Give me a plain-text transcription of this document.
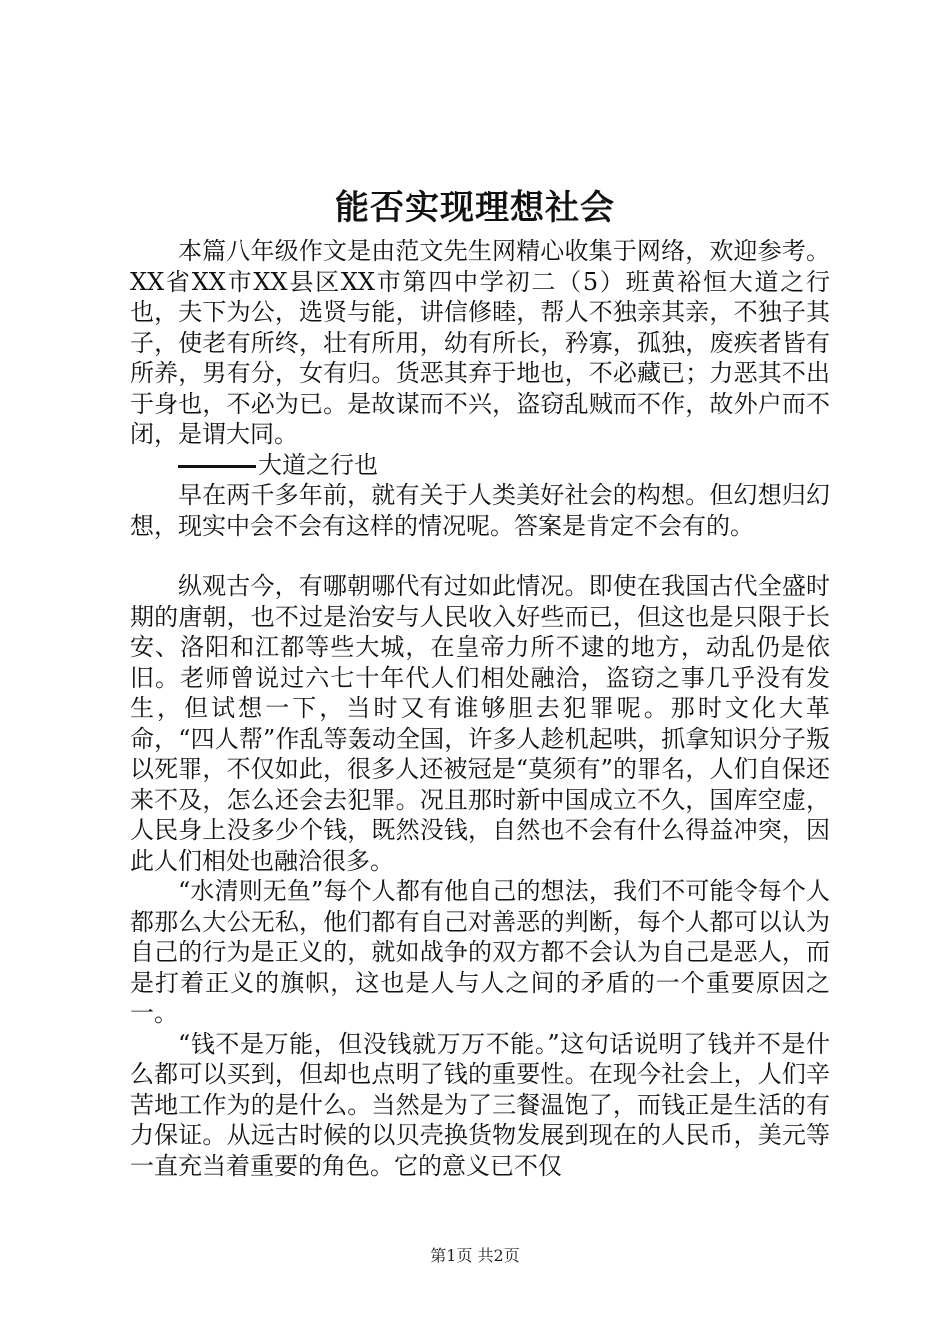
能否实现理想社会

本篇八年级作文是由范文先生网精心收集于网络，欢迎参考。XX省XX市XX县区XX市第四中学初二（5）班黄裕恒大道之行也，夫下为公，选贤与能，讲信修睦，帮人不独亲其亲，不独子其子，使老有所终，壮有所用，幼有所长，矜寡，孤独，废疾者皆有所养，男有分，女有归。货恶其弃于地也，不必藏已；力恶其不出于身也，不必为已。是故谋而不兴，盗窃乱贼而不作，故外户而不闭，是谓大同。

大道之行也

早在两千多年前，就有关于人类美好社会的构想。但幻想归幻想，现实中会不会有这样的情况呢。答案是肯定不会有的。

纵观古今，有哪朝哪代有过如此情况。即使在我国古代全盛时期的唐朝，也不过是治安与人民收入好些而已，但这也是只限于长安、洛阳和江都等些大城，在皇帝力所不逮的地方，动乱仍是依旧。老师曾说过六七十年代人们相处融洽，盗窃之事几乎没有发生，但试想一下，当时又有谁够胆去犯罪呢。那时文化大革命，“四人帮”作乱等轰动全国，许多人趁机起哄，抓拿知识分子叛以死罪，不仅如此，很多人还被冠是“莫须有”的罪名，人们自保还来不及，怎么还会去犯罪。况且那时新中国成立不久，国库空虚，人民身上没多少个钱，既然没钱，自然也不会有什么得益冲突，因此人们相处也融洽很多。

“水清则无鱼”每个人都有他自己的想法，我们不可能令每个人都那么大公无私，他们都有自己对善恶的判断，每个人都可以认为自己的行为是正义的，就如战争的双方都不会认为自己是恶人，而是打着正义的旗帜，这也是人与人之间的矛盾的一个重要原因之一。

“钱不是万能，但没钱就万万不能。”这句话说明了钱并不是什么都可以买到，但却也点明了钱的重要性。在现今社会上，人们辛苦地工作为的是什么。当然是为了三餐温饱了，而钱正是生活的有力保证。从远古时候的以贝壳换货物发展到现在的人民币，美元等一直充当着重要的角色。它的意义已不仅

第1页 共2页
